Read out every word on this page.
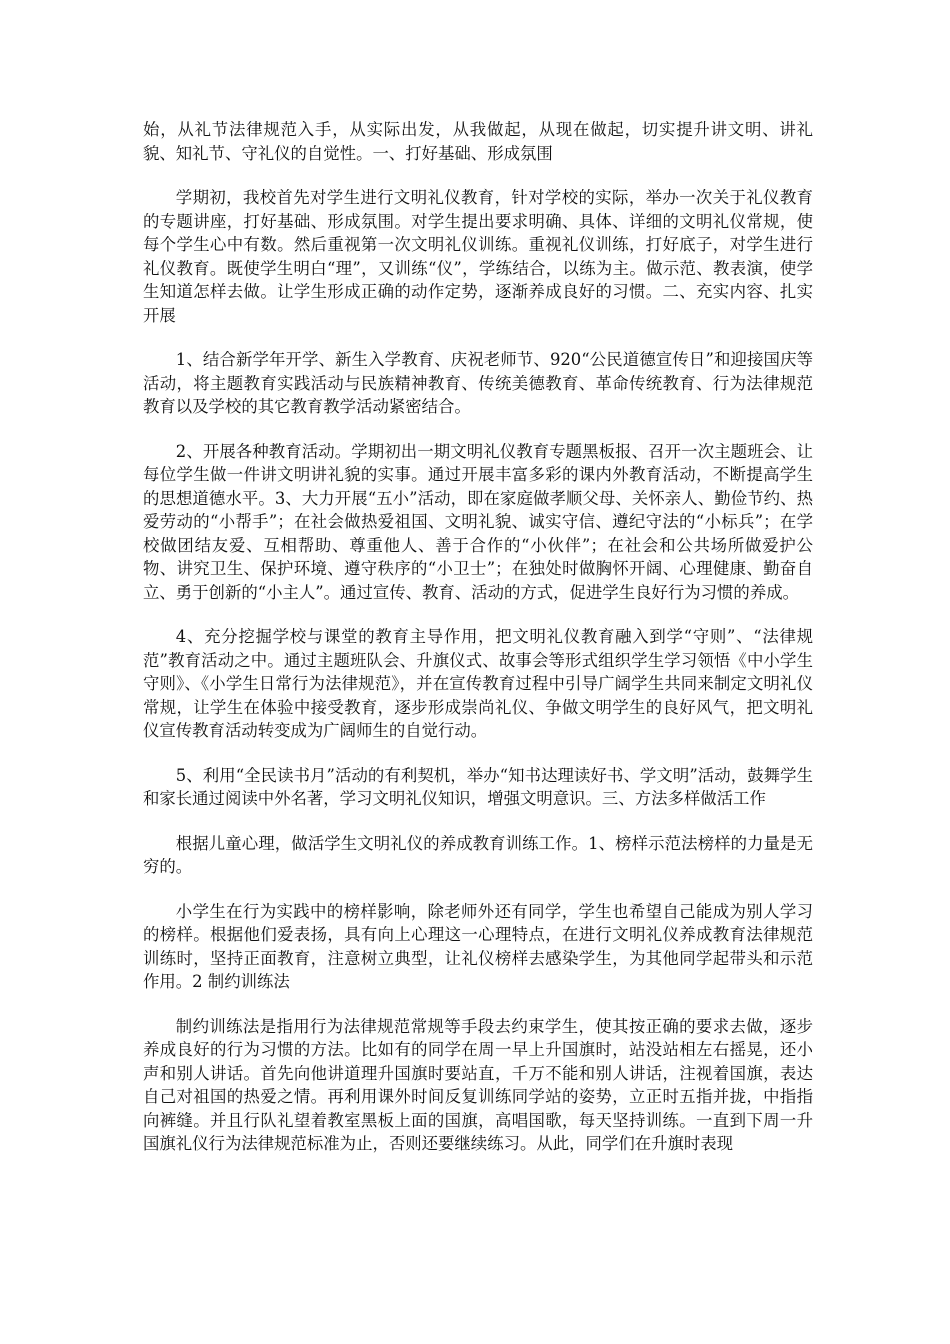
始，从礼节法律规范入手，从实际出发，从我做起，从现在做起，切实提升讲文明、讲礼貌、知礼节、守礼仪的自觉性。一、打好基础、形成氛围

学期初，我校首先对学生进行文明礼仪教育，针对学校的实际，举办一次关于礼仪教育的专题讲座，打好基础、形成氛围。对学生提出要求明确、具体、详细的文明礼仪常规，使每个学生心中有数。然后重视第一次文明礼仪训练。重视礼仪训练，打好底子，对学生进行礼仪教育。既使学生明白“理”，又训练“仪”，学练结合，以练为主。做示范、教表演，使学生知道怎样去做。让学生形成正确的动作定势，逐渐养成良好的习惯。二、充实内容、扎实开展

1、结合新学年开学、新生入学教育、庆祝老师节、920“公民道德宣传日”和迎接国庆等活动，将主题教育实践活动与民族精神教育、传统美德教育、革命传统教育、行为法律规范教育以及学校的其它教育教学活动紧密结合。

2、开展各种教育活动。学期初出一期文明礼仪教育专题黑板报、召开一次主题班会、让每位学生做一件讲文明讲礼貌的实事。通过开展丰富多彩的课内外教育活动，不断提高学生的思想道德水平。3、大力开展“五小”活动，即在家庭做孝顺父母、关怀亲人、勤俭节约、热爱劳动的“小帮手”；在社会做热爱祖国、文明礼貌、诚实守信、遵纪守法的“小标兵”；在学校做团结友爱、互相帮助、尊重他人、善于合作的“小伙伴”；在社会和公共场所做爱护公物、讲究卫生、保护环境、遵守秩序的“小卫士”；在独处时做胸怀开阔、心理健康、勤奋自立、勇于创新的“小主人”。通过宣传、教育、活动的方式，促进学生良好行为习惯的养成。

4、充分挖掘学校与课堂的教育主导作用，把文明礼仪教育融入到学“守则”、“法律规范”教育活动之中。通过主题班队会、升旗仪式、故事会等形式组织学生学习领悟《中小学生守则》、《小学生日常行为法律规范》，并在宣传教育过程中引导广阔学生共同来制定文明礼仪常规，让学生在体验中接受教育，逐步形成崇尚礼仪、争做文明学生的良好风气，把文明礼仪宣传教育活动转变成为广阔师生的自觉行动。

5、利用“全民读书月”活动的有利契机，举办“知书达理读好书、学文明”活动，鼓舞学生和家长通过阅读中外名著，学习文明礼仪知识，增强文明意识。三、方法多样做活工作

根据儿童心理，做活学生文明礼仪的养成教育训练工作。1、榜样示范法榜样的力量是无穷的。

小学生在行为实践中的榜样影响，除老师外还有同学，学生也希望自己能成为别人学习的榜样。根据他们爱表扬，具有向上心理这一心理特点，在进行文明礼仪养成教育法律规范训练时，坚持正面教育，注意树立典型，让礼仪榜样去感染学生，为其他同学起带头和示范作用。2 制约训练法

制约训练法是指用行为法律规范常规等手段去约束学生，使其按正确的要求去做，逐步养成良好的行为习惯的方法。比如有的同学在周一早上升国旗时，站没站相左右摇晃，还小声和别人讲话。首先向他讲道理升国旗时要站直，千万不能和别人讲话，注视着国旗，表达自己对祖国的热爱之情。再利用课外时间反复训练同学站的姿势，立正时五指并拢，中指指向裤缝。并且行队礼望着教室黑板上面的国旗，高唱国歌，每天坚持训练。一直到下周一升国旗礼仪行为法律规范标准为止，否则还要继续练习。从此，同学们在升旗时表现
